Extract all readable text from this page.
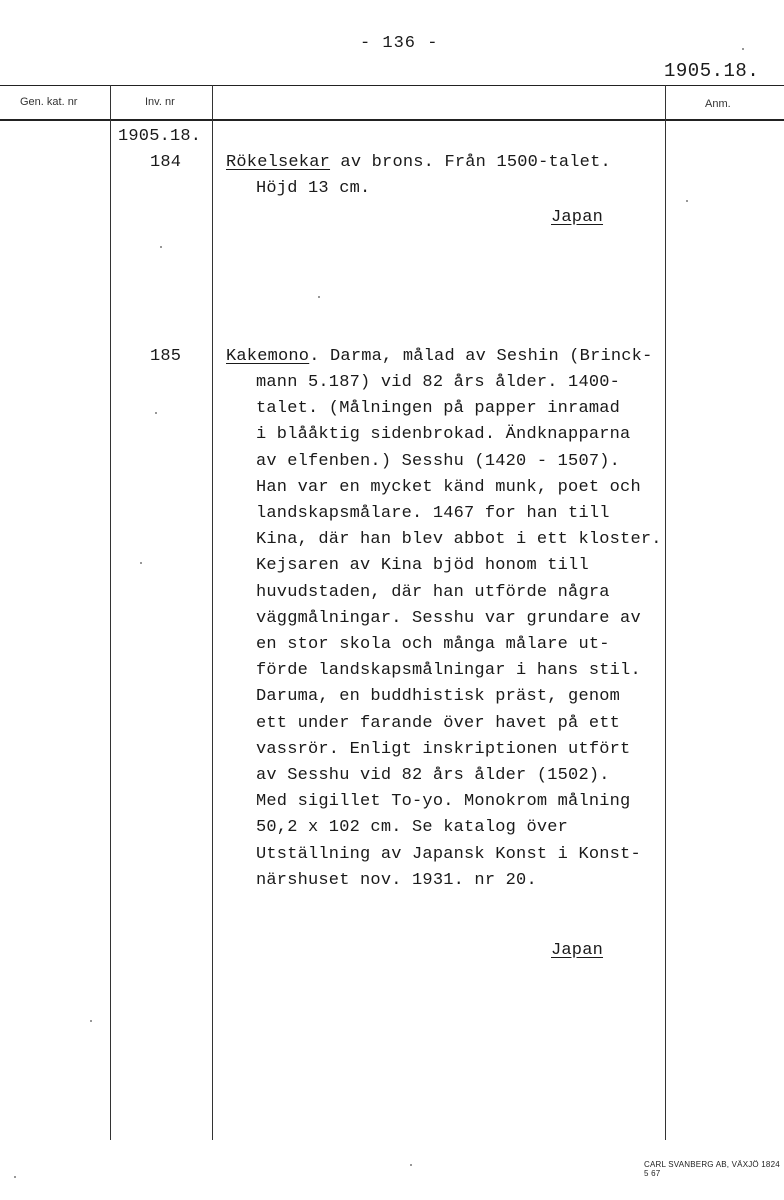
- 136 -
1905.18.
Gen. kat. nr	Inv. nr	Anm.
1905.18.
184	Rökelsekar av brons. Från 1500-talet.
Höjd 13 cm.
Japan
185	Kakemono. Darma, målad av Seshin (Brinck-
mann 5.187) vid 82 års ålder. 1400-
talet. (Målningen på papper inramad
i blååktig sidenbrokad. Ändknapparna
av elfenben.) Sesshu (1420 - 1507).
Han var en mycket känd munk, poet och
landskapsmålare. 1467 for han till
Kina, där han blev abbot i ett kloster.
Kejsaren av Kina bjöd honom till
huvudstaden, där han utförde några
väggmålningar. Sesshu var grundare av
en stor skola och många målare ut-
förde landskapsmålningar i hans stil.
Daruma, en buddhistisk präst, genom
ett under farande över havet på ett
vassrör. Enligt inskriptionen utfört
av Sesshu vid 82 års ålder (1502).
Med sigillet To-yo. Monokrom målning
50,2 x 102 cm. Se katalog över
Utställning av Japansk Konst i Konst-
närshuset nov. 1931. nr 20.
Japan
CARL SVANBERG AB, VÄXJÖ 1824 5 67
